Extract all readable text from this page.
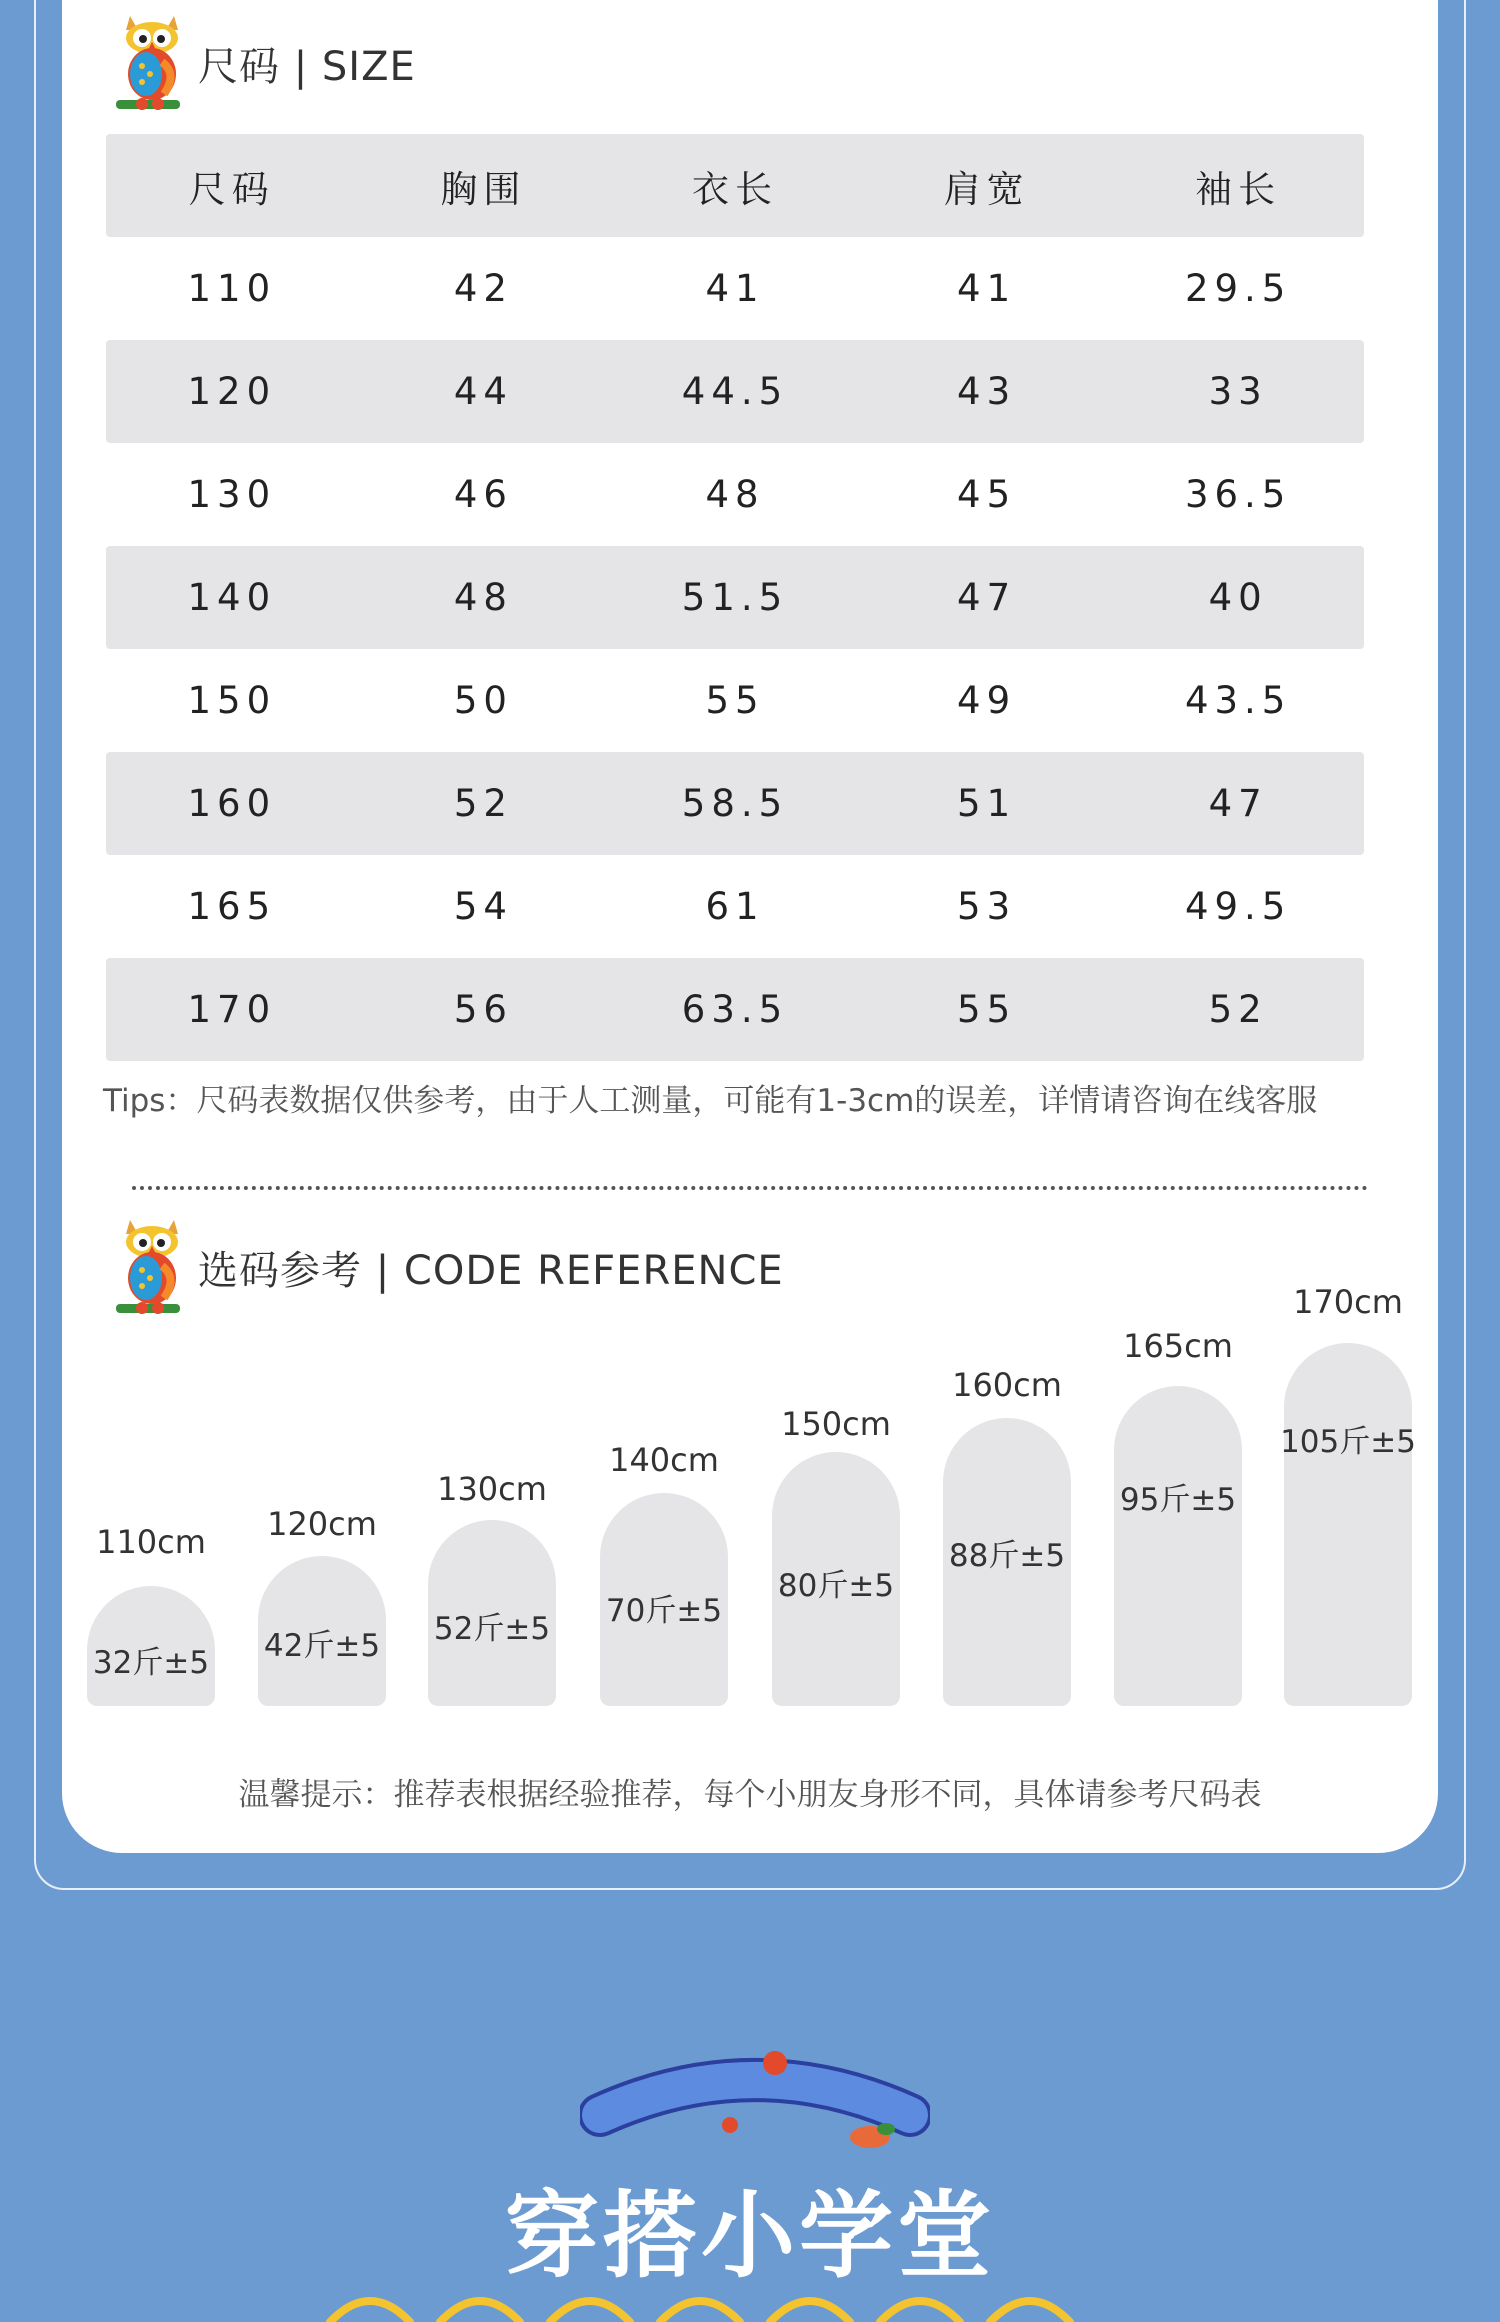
尺码 | SIZE
尺码	胸围	衣长	肩宽	袖长
110	42	41	41	29.5
120	44	44.5	43	33
130	46	48	45	36.5
140	48	51.5	47	40
150	50	55	49	43.5
160	52	58.5	51	47
165	54	61	53	49.5
170	56	63.5	55	52
Tips：尺码表数据仅供参考，由于人工测量，可能有1-3cm的误差，详情请咨询在线客服
选码参考 | CODE REFERENCE
110cm
32斤±5
120cm
42斤±5
130cm
52斤±5
140cm
70斤±5
150cm
80斤±5
160cm
88斤±5
165cm
95斤±5
170cm
105斤±5
温馨提示：推荐表根据经验推荐，每个小朋友身形不同，具体请参考尺码表
穿搭小学堂
